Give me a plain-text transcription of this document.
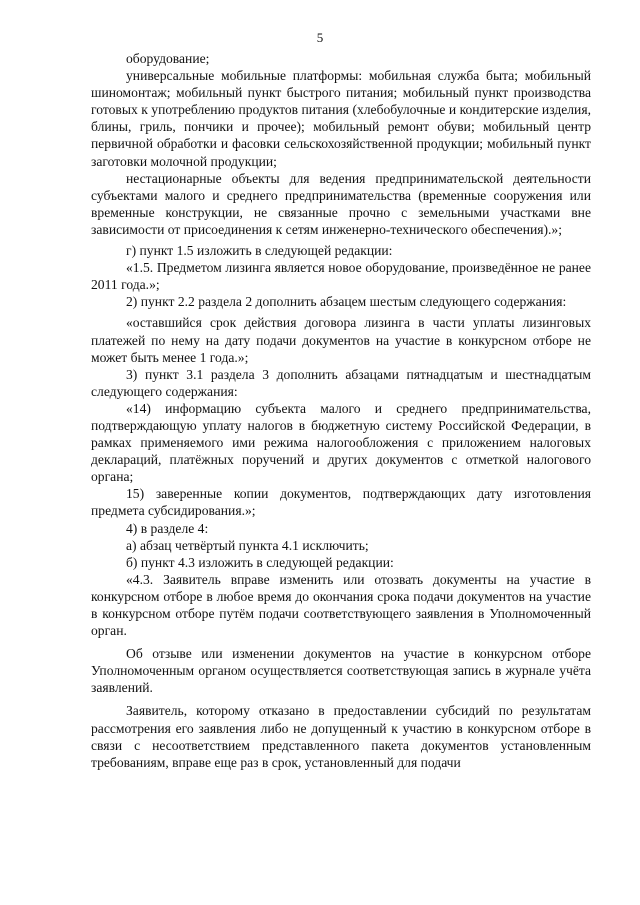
5

оборудование;

универсальные мобильные платформы: мобильная служба быта; мобильный шиномонтаж; мобильный пункт быстрого питания; мобильный пункт производства готовых к употреблению продуктов питания (хлебобулочные и кондитерские изделия, блины, гриль, пончики и прочее); мобильный ремонт обуви; мобильный центр первичной обработки и фасовки сельскохозяйственной продукции; мобильный пункт заготовки молочной продукции;

нестационарные объекты для ведения предпринимательской деятельности субъектами малого и среднего предпринимательства (временные сооружения или временные конструкции, не связанные прочно с земельными участками вне зависимости от присоединения к сетям инженерно-технического обеспечения).»;

г) пункт 1.5 изложить в следующей редакции:

«1.5. Предметом лизинга является новое оборудование, произведённое не ранее 2011 года.»;

2) пункт 2.2 раздела 2 дополнить абзацем шестым следующего содержания:

«оставшийся срок действия договора лизинга в части уплаты лизинговых платежей по нему на дату подачи документов на участие в конкурсном отборе не может быть менее 1 года.»;

3) пункт 3.1 раздела 3 дополнить абзацами пятнадцатым и шестнадцатым следующего содержания:

«14) информацию субъекта малого и среднего предпринимательства, подтверждающую уплату налогов в бюджетную систему Российской Федерации, в рамках применяемого ими режима налогообложения с приложением налоговых деклараций, платёжных поручений и других документов с отметкой налогового органа;

15) заверенные копии документов, подтверждающих дату изготовления предмета субсидирования.»;

4) в разделе 4:

а) абзац четвёртый пункта 4.1 исключить;

б) пункт 4.3 изложить в следующей редакции:

«4.3. Заявитель вправе изменить или отозвать документы на участие в конкурсном отборе в любое время до окончания срока подачи документов на участие в конкурсном отборе путём подачи соответствующего заявления в Уполномоченный орган.

Об отзыве или изменении документов на участие в конкурсном отборе Уполномоченным органом осуществляется соответствующая запись в журнале учёта заявлений.

Заявитель, которому отказано в предоставлении субсидий по результатам рассмотрения его заявления либо не допущенный к участию в конкурсном отборе в связи с несоответствием представленного пакета документов установленным требованиям, вправе еще раз в срок, установленный для подачи
